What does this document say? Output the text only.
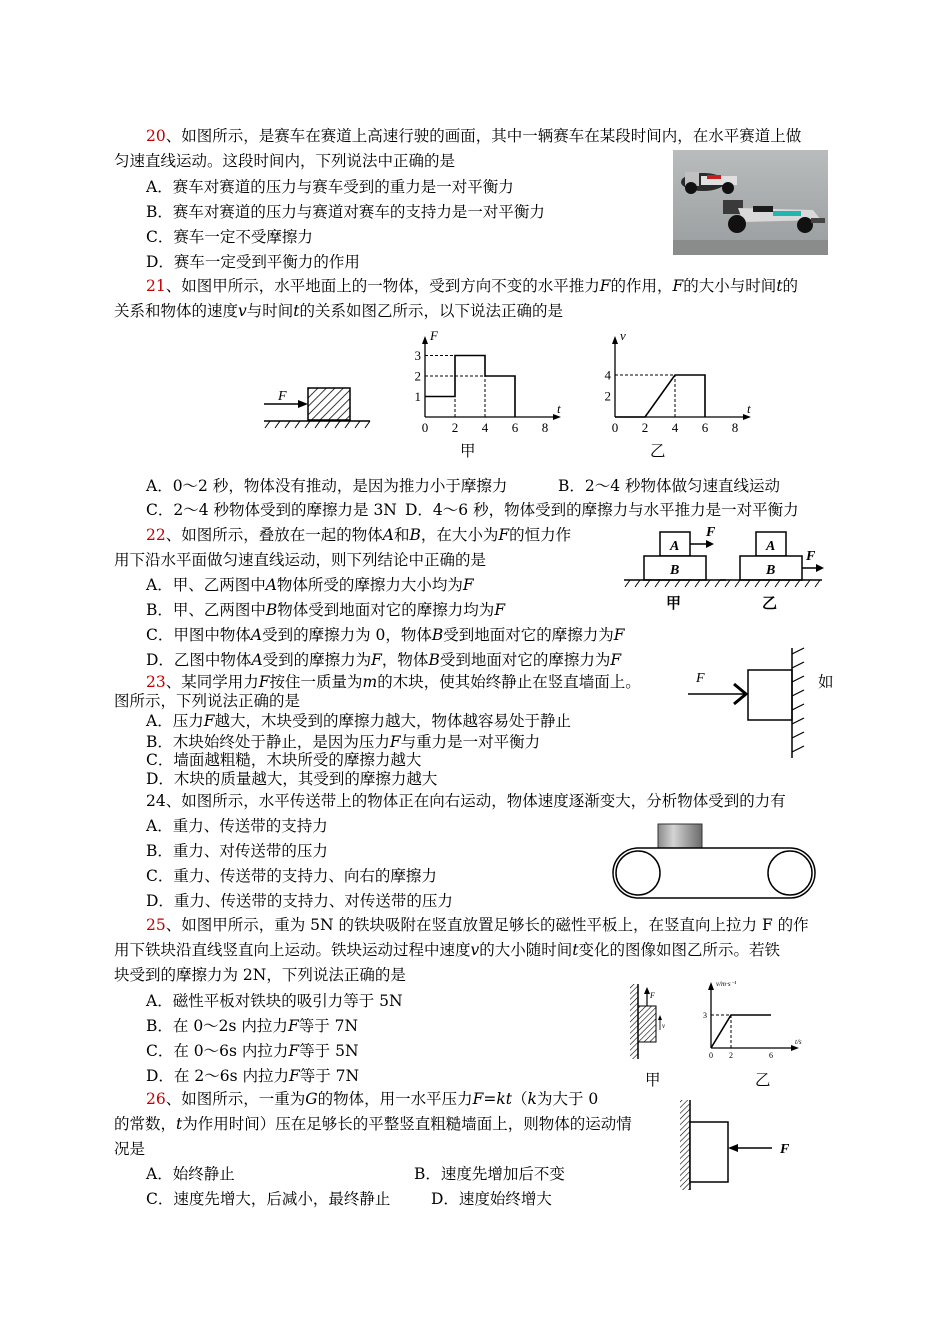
20、如图所示，是赛车在赛道上高速行驶的画面，其中一辆赛车在某段时间内，在水平赛道上做
匀速直线运动。这段时间内，下列说法中正确的是
A．赛车对赛道的压力与赛车受到的重力是一对平衡力
B．赛车对赛道的压力与赛道对赛车的支持力是一对平衡力
C．赛车一定不受摩擦力
D．赛车一定受到平衡力的作用
21、如图甲所示，水平地面上的一物体，受到方向不变的水平推力F的作用，F的大小与时间t的
关系和物体的速度v与时间t的关系如图乙所示，以下说法正确的是
F
F
t
0 2 4 6 8
1
2
3
甲
v
t
0 2 4 6 8
2
4
乙
A．0～2 秒，物体没有推动，是因为推力小于摩擦力	B．2～4 秒物体做匀速直线运动
C．2～4 秒物体受到的摩擦力是 3N D．4～6 秒，物体受到的摩擦力与水平推力是一对平衡力
22、如图所示，叠放在一起的物体A和B，在大小为F的恒力作
用下沿水平面做匀速直线运动，则下列结论中正确的是
A．甲、乙两图中A物体所受的摩擦力大小均为F
B．甲、乙两图中B物体受到地面对它的摩擦力均为F
C．甲图中物体A受到的摩擦力为 0，物体B受到地面对它的摩擦力为F
D．乙图中物体A受到的摩擦力为F，物体B受到地面对它的摩擦力为F
A
B
F
甲
A
B
F
乙
23、某同学用力F按住一质量为m的木块，使其始终静止在竖直墙面上。	如
图所示，下列说法正确的是
A．压力F越大，木块受到的摩擦力越大，物体越容易处于静止
B．木块始终处于静止，是因为压力F与重力是一对平衡力
C．墙面越粗糙，木块所受的摩擦力越大
D．木块的质量越大，其受到的摩擦力越大
F
24、如图所示，水平传送带上的物体正在向右运动，物体速度逐渐变大，分析物体受到的力有
A．重力、传送带的支持力
B．重力、对传送带的压力
C．重力、传送带的支持力、向右的摩擦力
D．重力、传送带的支持力、对传送带的压力
25、如图甲所示，重为 5N 的铁块吸附在竖直放置足够长的磁性平板上，在竖直向上拉力 F 的作
用下铁块沿直线竖直向上运动。铁块运动过程中速度v的大小随时间t变化的图像如图乙所示。若铁
块受到的摩擦力为 2N，下列说法正确的是
A．磁性平板对铁块的吸引力等于 5N
B．在 0～2s 内拉力F等于 7N
C．在 0～6s 内拉力F等于 5N
D．在 2～6s 内拉力F等于 7N
F
v
v/m·s⁻¹
t/s
0 2	6
3
甲	乙
26、如图所示，一重为G的物体，用一水平压力F=kt（k为大于 0
的常数，t为作用时间）压在足够长的平整竖直粗糙墙面上，则物体的运动情
况是
A．始终静止	B．速度先增加后不变
C．速度先增大，后减小，最终静止	D．速度始终增大
F
